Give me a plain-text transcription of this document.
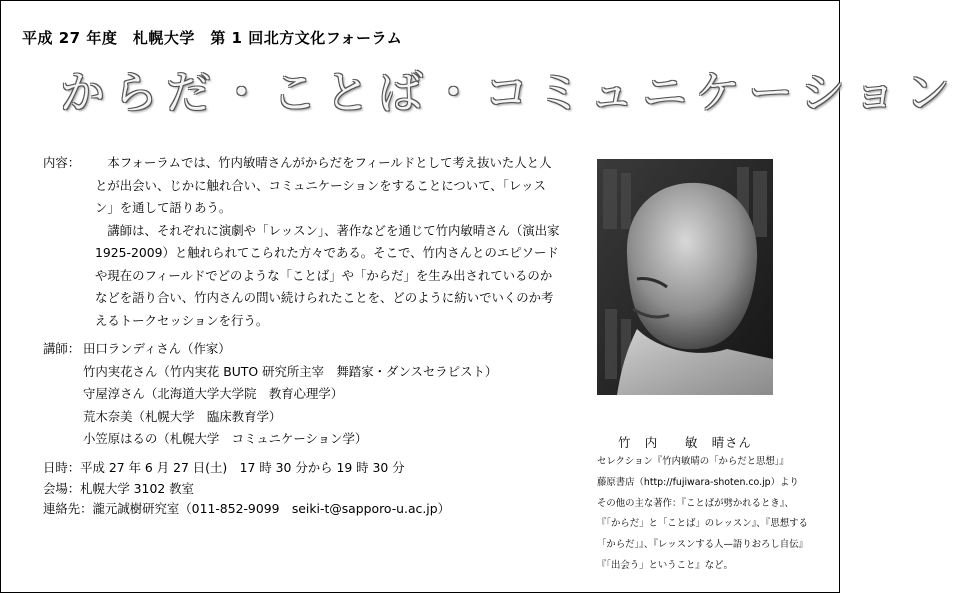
平成 27 年度　札幌大学　第 1 回北方文化フォーラム
からだ・ことば・コミュニケーション
内容：	本フォーラムでは、竹内敏晴さんがからだをフィールドとして考え抜いた人と人とが出会い、じかに触れ合い、コミュニケーションをすることについて、「レッスン」を通して語りあう。
講師は、それぞれに演劇や「レッスン」、著作などを通じて竹内敏晴さん（演出家 1925-2009）と触れられてこられた方々である。そこで、竹内さんとのエピソードや現在のフィールドでどのような「ことば」や「からだ」を生み出されているのかなどを語り合い、竹内さんの問い続けられたことを、どのように紡いでいくのか考えるトークセッションを行う。
講師： 田口ランディさん（作家）
竹内実花さん（竹内実花 BUTO 研究所主宰　舞踏家・ダンスセラピスト）
守屋淳さん（北海道大学大学院　教育心理学）
荒木奈美（札幌大学　臨床教育学）
小笠原はるの（札幌大学　コミュニケーション学）
日時：平成 27 年 6 月 27 日(土)　17 時 30 分から 19 時 30 分
会場：札幌大学 3102 教室
連絡先：瀧元誠樹研究室（011-852-9099　seiki-t@sapporo-u.ac.jp）
竹　内　　敏　晴さん
セレクション『竹内敏晴の「からだと思想」』
藤原書店（http://fujiwara-shoten.co.jp）より
その他の主な著作：『ことばが劈かれるとき』、
『「からだ」と「ことば」のレッスン』、『思想する
「からだ」』、『レッスンする人—語りおろし自伝』
『「出会う」ということ』など。
